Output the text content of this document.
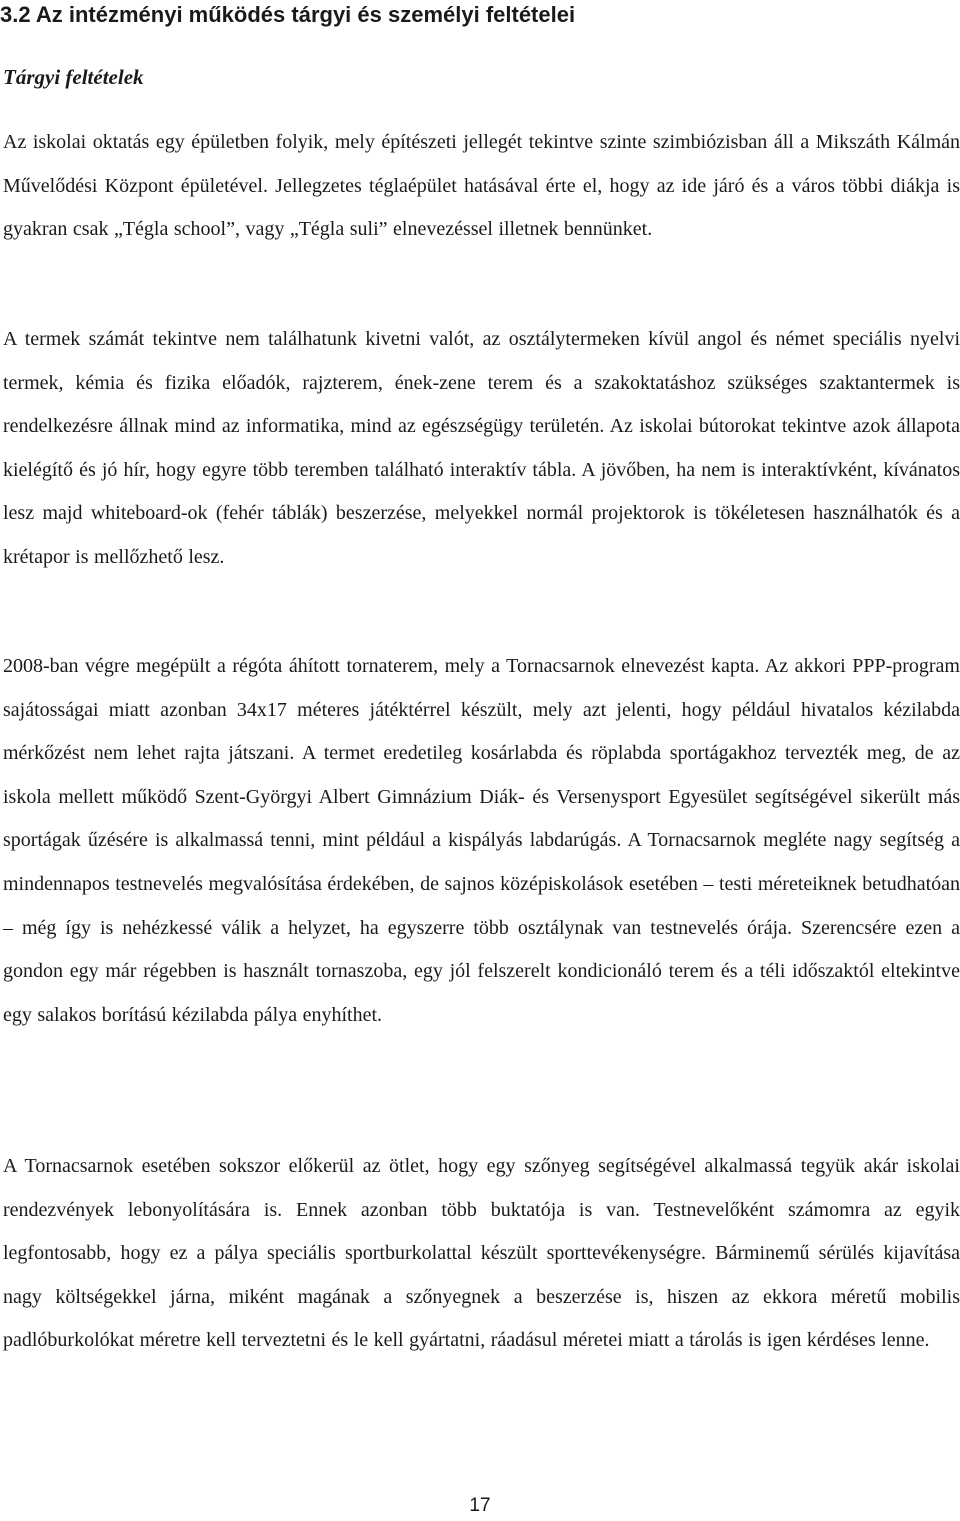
3.2 Az intézményi működés tárgyi és személyi feltételei
Tárgyi feltételek

Az iskolai oktatás egy épületben folyik, mely építészeti jellegét tekintve szinte szimbiózisban áll a Mikszáth Kálmán Művelődési Központ épületével. Jellegzetes téglaépület hatásával érte el, hogy az ide járó és a város többi diákja is gyakran csak „Tégla school”, vagy „Tégla suli” elnevezéssel illetnek bennünket.

A termek számát tekintve nem találhatunk kivetni valót, az osztálytermeken kívül angol és német speciális nyelvi termek, kémia és fizika előadók, rajzterem, ének-zene terem és a szakoktatáshoz szükséges szaktantermek is rendelkezésre állnak mind az informatika, mind az egészségügy területén. Az iskolai bútorokat tekintve azok állapota kielégítő és jó hír, hogy egyre több teremben található interaktív tábla. A jövőben, ha nem is interaktívként, kívánatos lesz majd whiteboard-ok (fehér táblák) beszerzése, melyekkel normál projektorok is tökéletesen használhatók és a krétapor is mellőzhető lesz.

2008-ban végre megépült a régóta áhított tornaterem, mely a Tornacsarnok elnevezést kapta. Az akkori PPP-program sajátosságai miatt azonban 34x17 méteres játéktérrel készült, mely azt jelenti, hogy például hivatalos kézilabda mérkőzést nem lehet rajta játszani. A termet eredetileg kosárlabda és röplabda sportágakhoz tervezték meg, de az iskola mellett működő Szent-Györgyi Albert Gimnázium Diák- és Versenysport Egyesület segítségével sikerült más sportágak űzésére is alkalmassá tenni, mint például a kispályás labdarúgás. A Tornacsarnok megléte nagy segítség a mindennapos testnevelés megvalósítása érdekében, de sajnos középiskolások esetében – testi méreteiknek betudhatóan – még így is nehézkessé válik a helyzet, ha egyszerre több osztálynak van testnevelés órája. Szerencsére ezen a gondon egy már régebben is használt tornaszoba, egy jól felszerelt kondicionáló terem és a téli időszaktól eltekintve egy salakos borítású kézilabda pálya enyhíthet.

A Tornacsarnok esetében sokszor előkerül az ötlet, hogy egy szőnyeg segítségével alkalmassá tegyük akár iskolai rendezvények lebonyolítására is. Ennek azonban több buktatója is van. Testnevelőként számomra az egyik legfontosabb, hogy ez a pálya speciális sportburkolattal készült sporttevékenységre. Bárminemű sérülés kijavítása nagy költségekkel járna, miként magának a szőnyegnek a beszerzése is, hiszen az ekkora méretű mobilis padlóburkolókat méretre kell terveztetni és le kell gyártatni, ráadásul méretei miatt a tárolás is igen kérdéses lenne.

17
